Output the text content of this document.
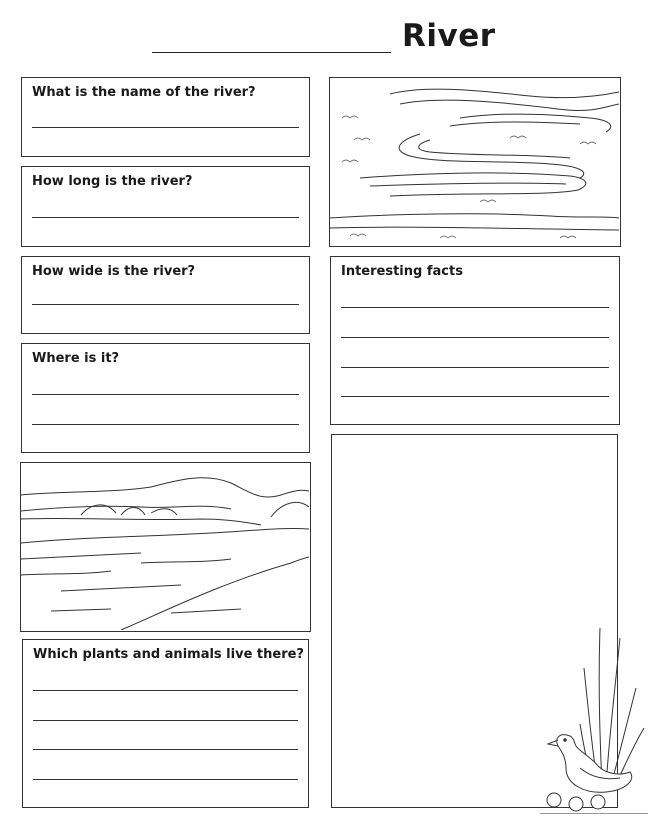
River
What is the name of the river?
How long is the river?
How wide is the river?
Where is it?
Which plants and animals live there?
Interesting facts
